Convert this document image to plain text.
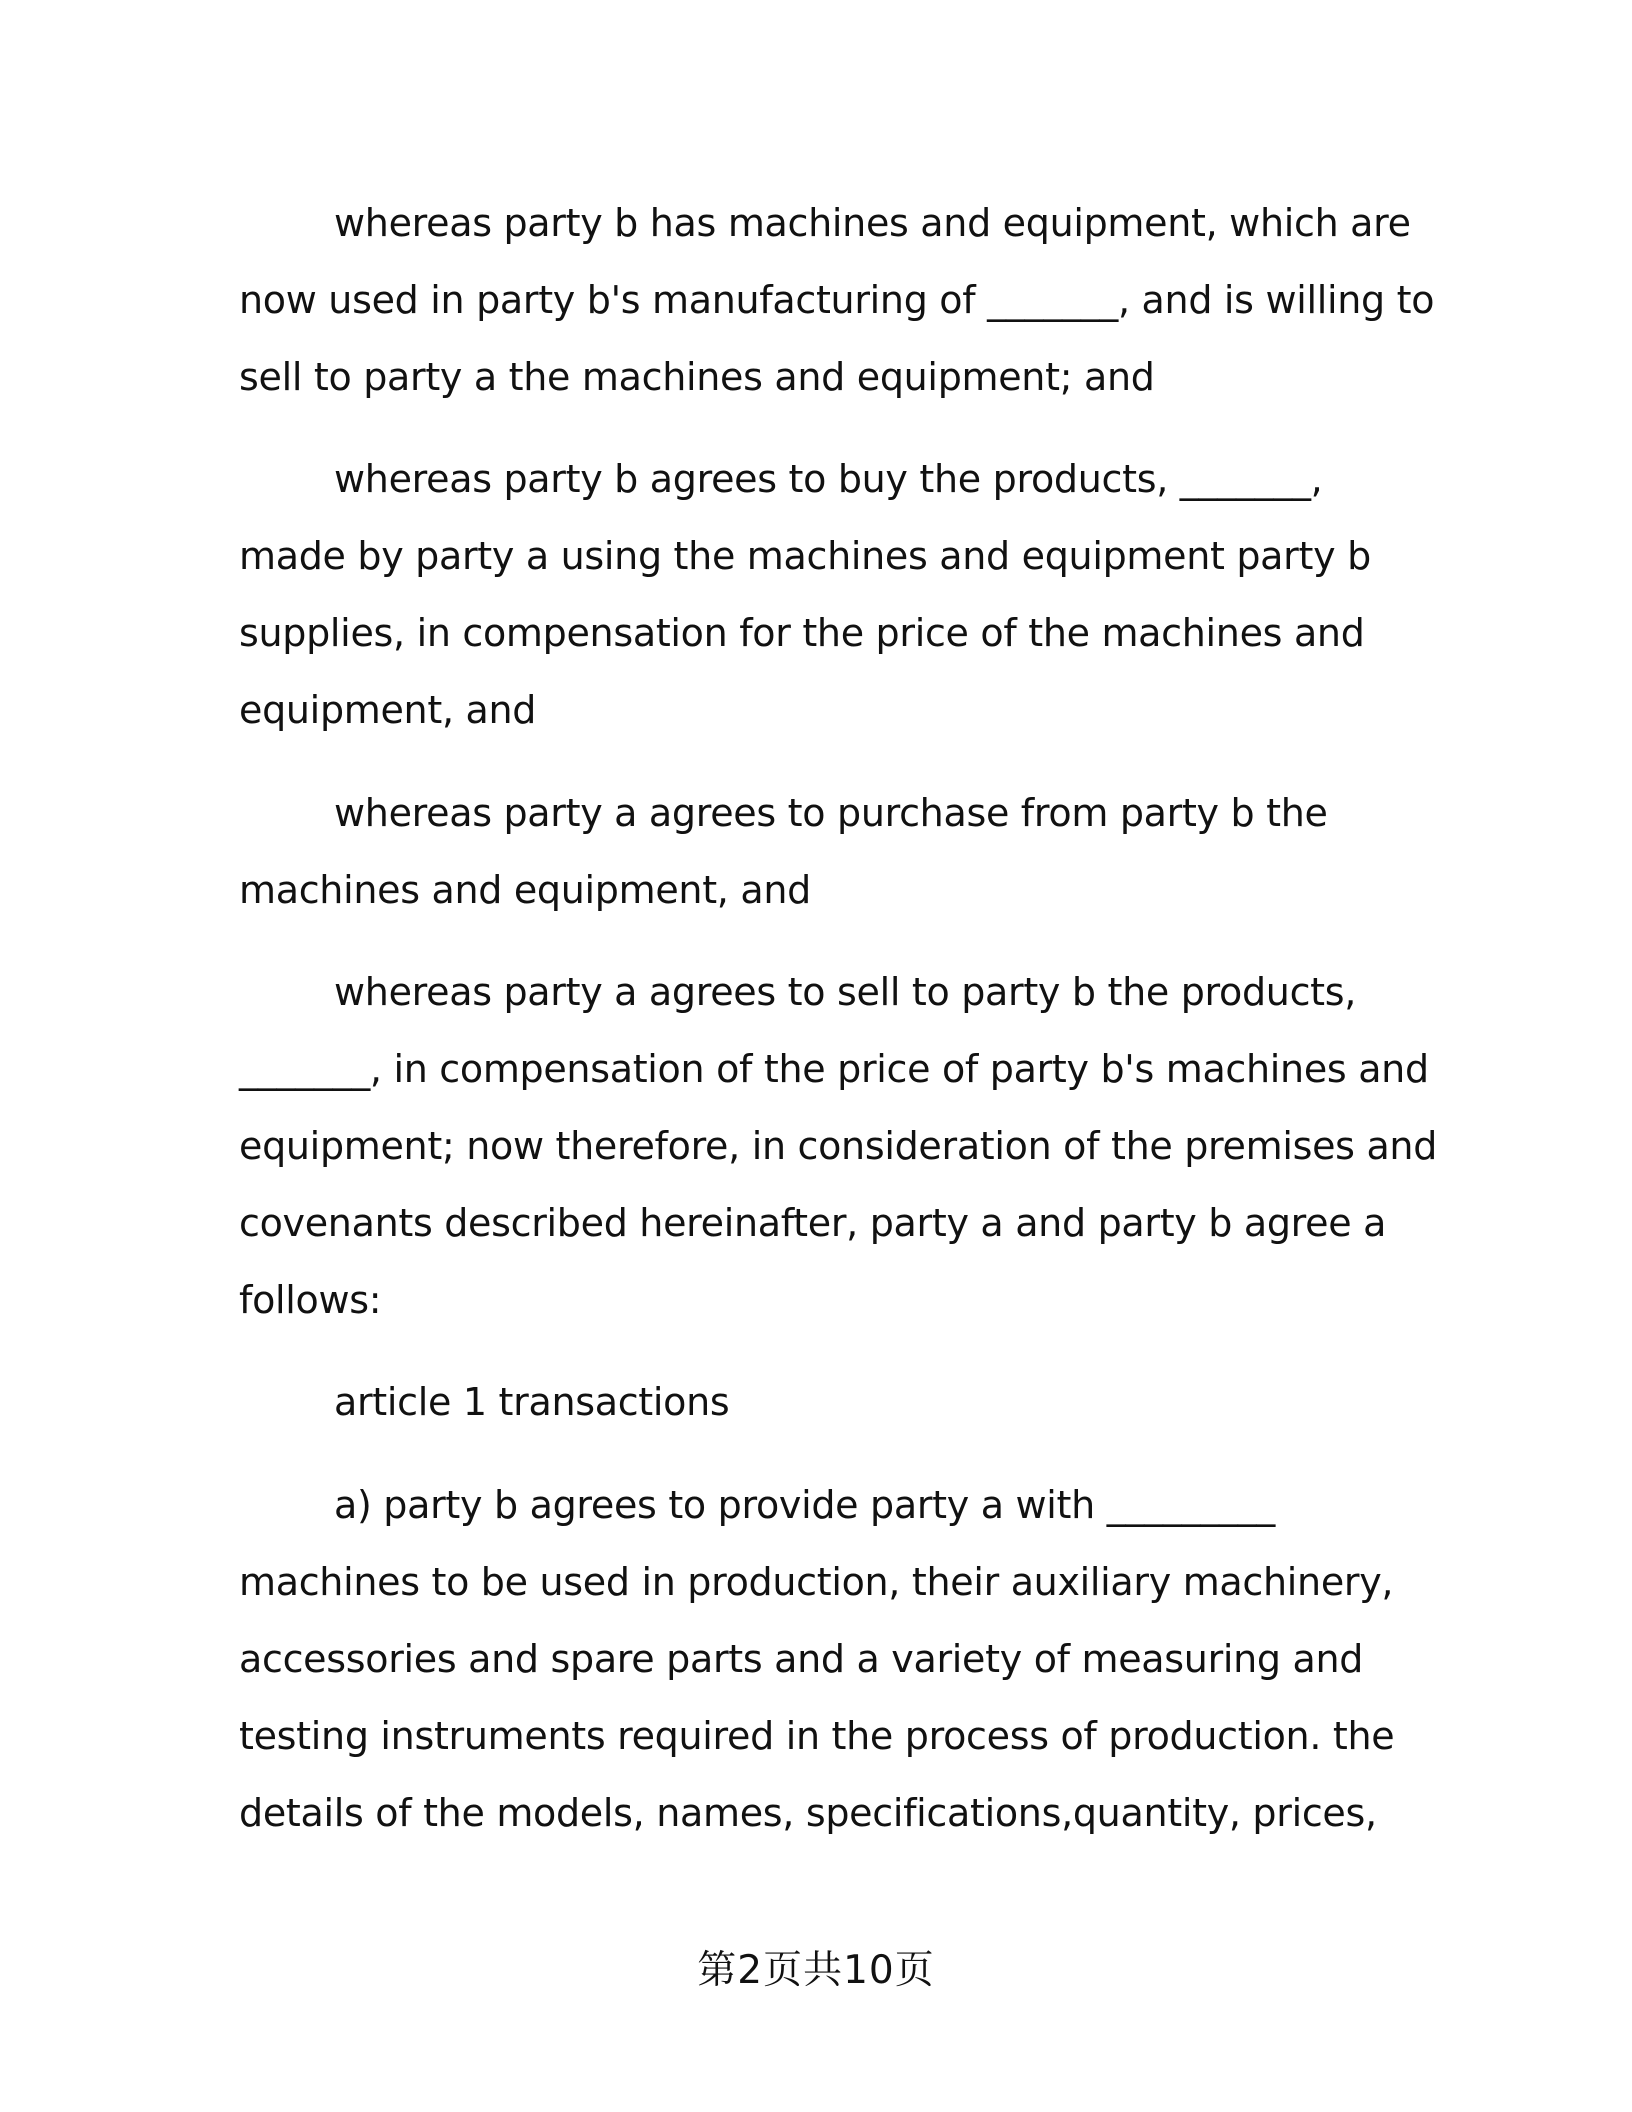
whereas party b has machines and equipment, which are
now used in party b's manufacturing of _______, and is willing to
sell to party a the machines and equipment; and
whereas party b agrees to buy the products, _______,
made by party a using the machines and equipment party b
supplies, in compensation for the price of the machines and
equipment, and
whereas party a agrees to purchase from party b the
machines and equipment, and
whereas party a agrees to sell to party b the products,
_______, in compensation of the price of party b's machines and
equipment; now therefore, in consideration of the premises and
covenants described hereinafter, party a and party b agree a
follows:
article 1 transactions
a) party b agrees to provide party a with _________
machines to be used in production, their auxiliary machinery,
accessories and spare parts and a variety of measuring and
testing instruments required in the process of production. the
details of the models, names, specifications,quantity, prices,
第2页共10页
